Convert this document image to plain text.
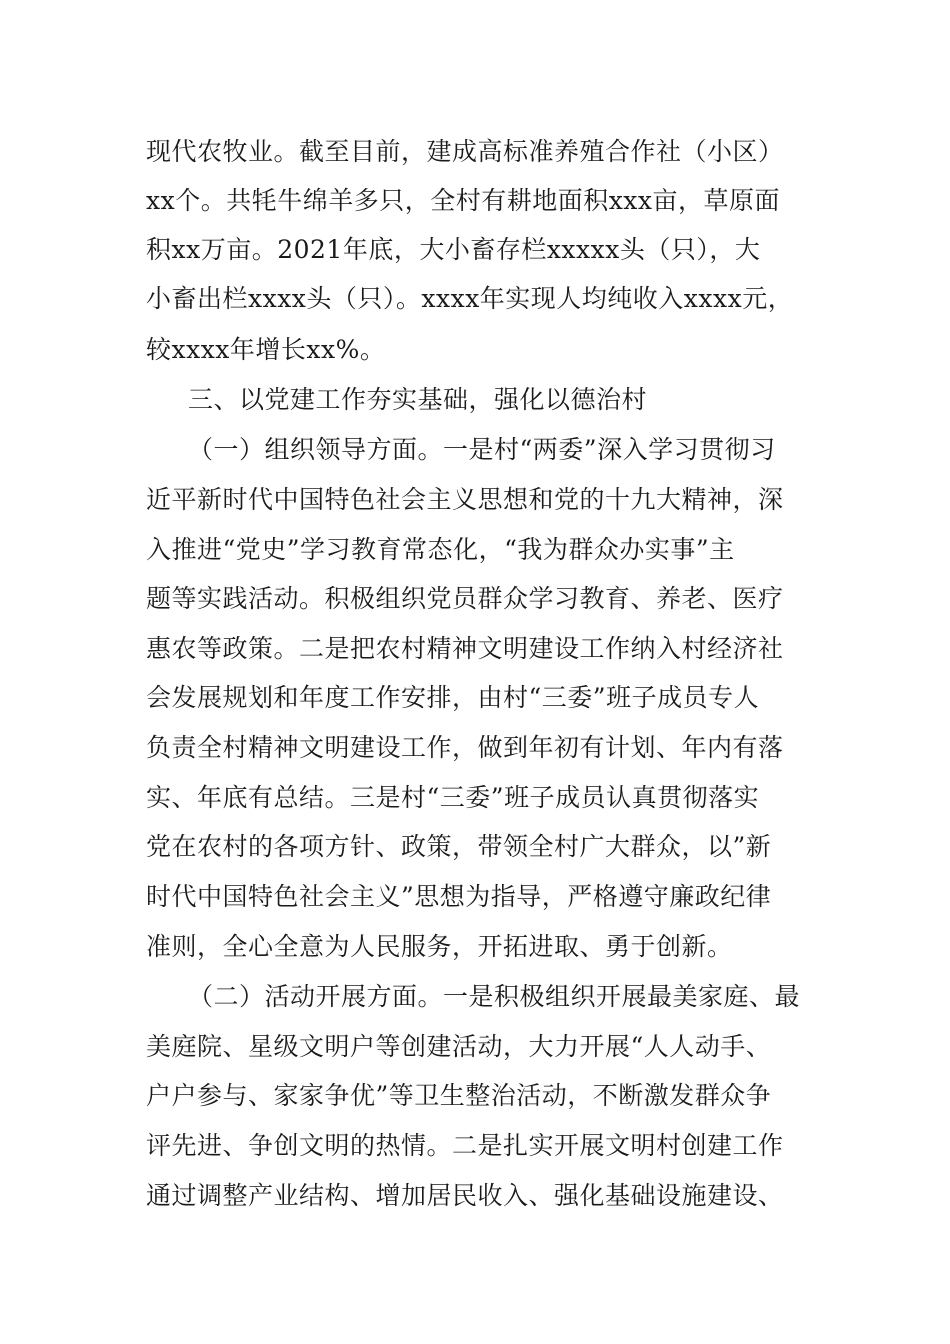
现代农牧业。截至目前，建成高标准养殖合作社（小区）

xx个。共牦牛绵羊多只，全村有耕地面积xxx亩，草原面

积xx万亩。2021年底，大小畜存栏xxxxx头（只），大

小畜出栏xxxx头（只）。xxxx年实现人均纯收入xxxx元，

较xxxx年增长xx%。

三、以党建工作夯实基础，强化以德治村

（一）组织领导方面。一是村“两委”深入学习贯彻习

近平新时代中国特色社会主义思想和党的十九大精神，深

入推进“党史”学习教育常态化，“我为群众办实事”主

题等实践活动。积极组织党员群众学习教育、养老、医疗

惠农等政策。二是把农村精神文明建设工作纳入村经济社

会发展规划和年度工作安排，由村“三委”班子成员专人

负责全村精神文明建设工作，做到年初有计划、年内有落

实、年底有总结。三是村“三委”班子成员认真贯彻落实

党在农村的各项方针、政策，带领全村广大群众，以”新

时代中国特色社会主义”思想为指导，严格遵守廉政纪律

准则，全心全意为人民服务，开拓进取、勇于创新。

（二）活动开展方面。一是积极组织开展最美家庭、最

美庭院、星级文明户等创建活动，大力开展“人人动手、

户户参与、家家争优”等卫生整治活动，不断激发群众争

评先进、争创文明的热情。二是扎实开展文明村创建工作

通过调整产业结构、增加居民收入、强化基础设施建设、
